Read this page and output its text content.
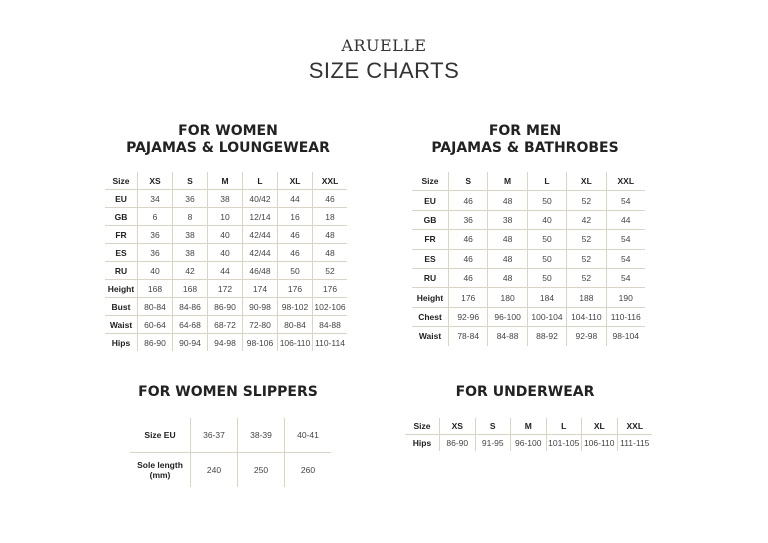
ARUELLE
SIZE CHARTS
FOR WOMEN
PAJAMAS & LOUNGEWEAR
FOR MEN
PAJAMAS & BATHROBES
FOR WOMEN SLIPPERS	FOR UNDERWEAR
Size	XS	S	M	L	XL	XXL
EU	34	36	38	40/42	44	46
GB	6	8	10	12/14	16	18
FR	36	38	40	42/44	46	48
ES	36	38	40	42/44	46	48
RU	40	42	44	46/48	50	52
Height	168	168	172	174	176	176
Bust	80-84	84-86	86-90	90-98	98-102	102-106
Waist	60-64	64-68	68-72	72-80	80-84	84-88
Hips	86-90	90-94	94-98	98-106	106-110	110-114
Size	S	M	L	XL	XXL
EU	46	48	50	52	54
GB	36	38	40	42	44
FR	46	48	50	52	54
ES	46	48	50	52	54
RU	46	48	50	52	54
Height	176	180	184	188	190
Chest	92-96	96-100	100-104	104-110	110-116
Waist	78-84	84-88	88-92	92-98	98-104
Size EU	36-37	38-39	40-41
Sole length
(mm)	240	250	260
Size	XS	S	M	L	XL	XXL
Hips	86-90	91-95	96-100	101-105	106-110	111-115
